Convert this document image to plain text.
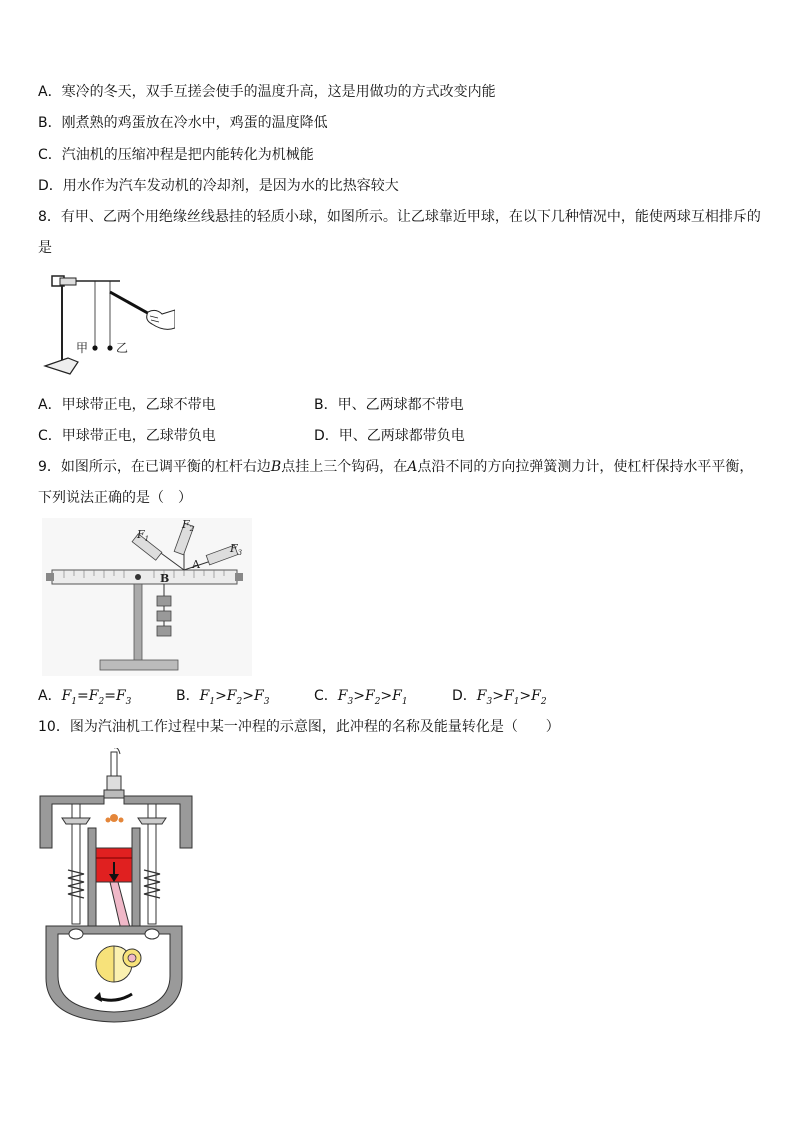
A．寒冷的冬天，双手互搓会使手的温度升高，这是用做功的方式改变内能
B．刚煮熟的鸡蛋放在冷水中，鸡蛋的温度降低
C．汽油机的压缩冲程是把内能转化为机械能
D．用水作为汽车发动机的冷却剂，是因为水的比热容较大
8．有甲、乙两个用绝缘丝线悬挂的轻质小球，如图所示。让乙球靠近甲球，在以下几种情况中，能使两球互相排斥的
是
甲 乙
A．甲球带正电，乙球不带电	B．甲、乙两球都不带电
C．甲球带正电，乙球带负电	D．甲、乙两球都带负电
9．如图所示，在已调平衡的杠杆右边B点挂上三个钩码，在A点沿不同的方向拉弹簧测力计，使杠杆保持水平平衡，
下列说法正确的是（　）
$F_1$
$F_2$
$F_3$
A
B
A．$F_1=F_2=F_3$	B．$F_1>F_2>F_3$	C．$F_3>F_2>F_1$	D．$F_3>F_1>F_2$
10．图为汽油机工作过程中某一冲程的示意图，此冲程的名称及能量转化是（　　）
